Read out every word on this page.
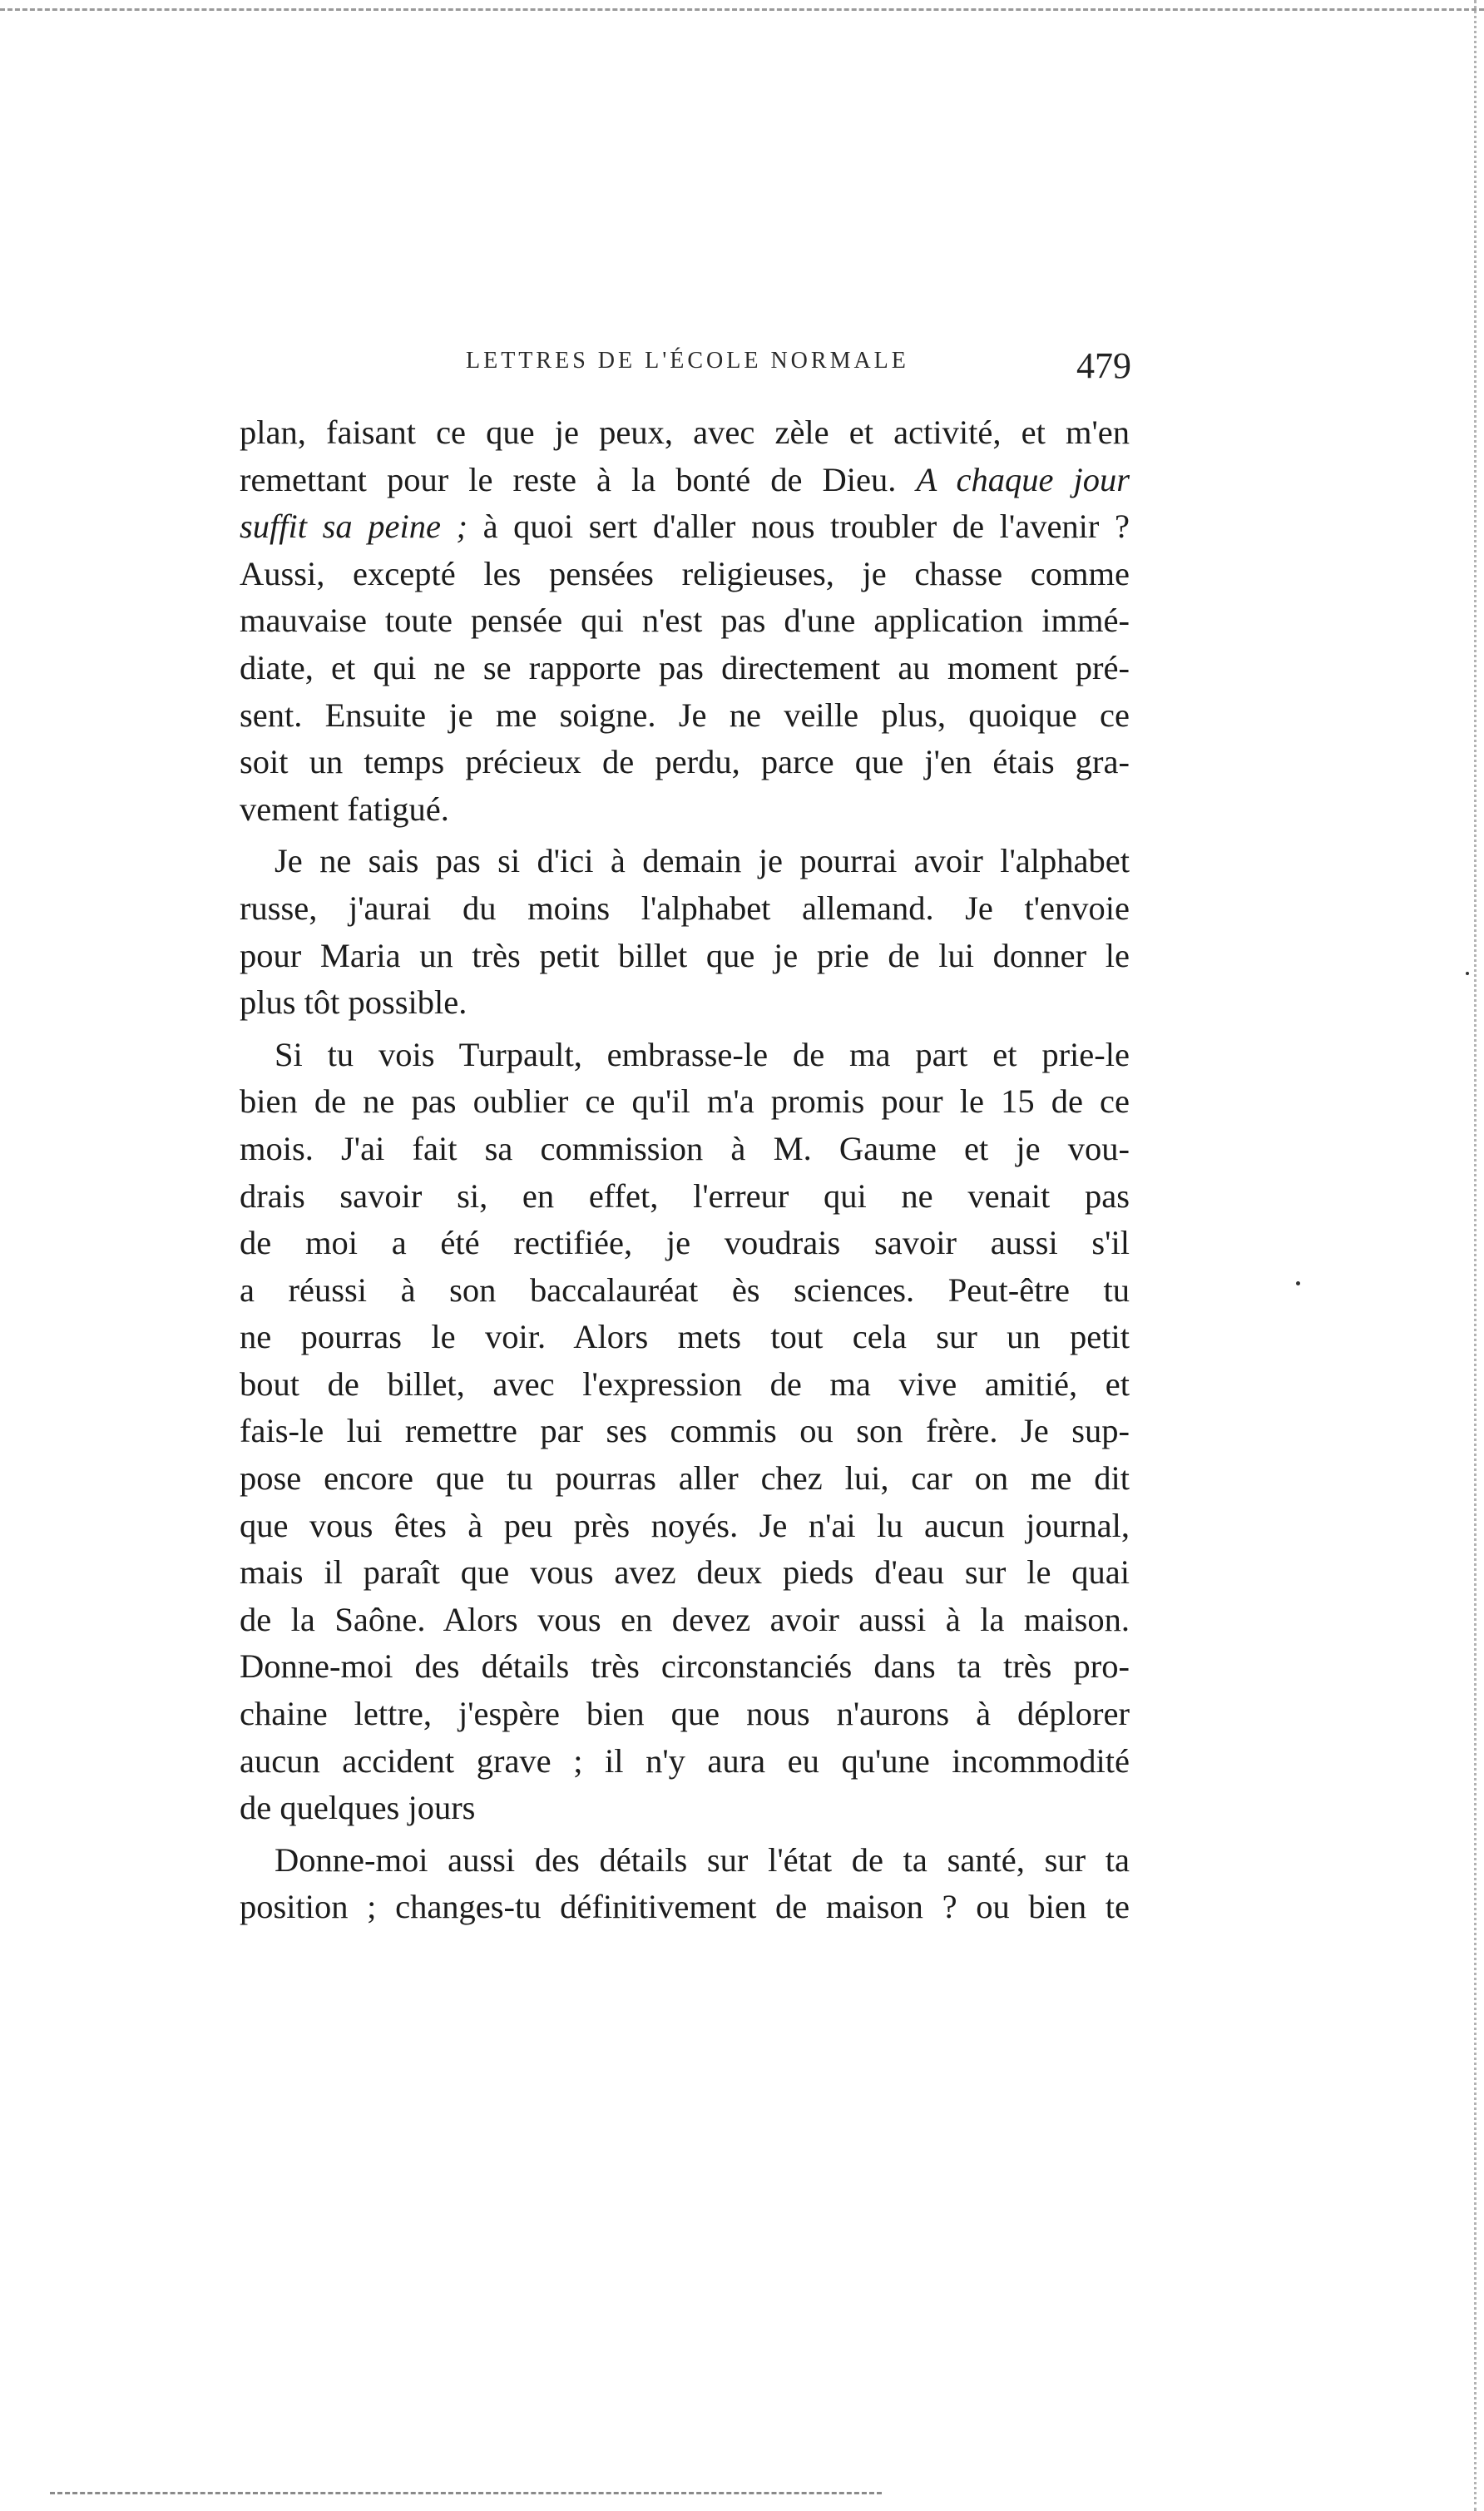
LETTRES DE L'ÉCOLE NORMALE	479
plan, faisant ce que je peux, avec zèle et activité, et m'en
remettant pour le reste à la bonté de Dieu. A chaque jour
suffit sa peine ; à quoi sert d'aller nous troubler de l'avenir ?
Aussi, excepté les pensées religieuses, je chasse comme
mauvaise toute pensée qui n'est pas d'une application immé-
diate, et qui ne se rapporte pas directement au moment pré-
sent. Ensuite je me soigne. Je ne veille plus, quoique ce
soit un temps précieux de perdu, parce que j'en étais gra-
vement fatigué.
Je ne sais pas si d'ici à demain je pourrai avoir l'alphabet
russe, j'aurai du moins l'alphabet allemand. Je t'envoie
pour Maria un très petit billet que je prie de lui donner le
plus tôt possible.
Si tu vois Turpault, embrasse-le de ma part et prie-le
bien de ne pas oublier ce qu'il m'a promis pour le 15 de ce
mois. J'ai fait sa commission à M. Gaume et je vou-
drais savoir si, en effet, l'erreur qui ne venait pas
de moi a été rectifiée, je voudrais savoir aussi s'il
a réussi à son baccalauréat ès sciences. Peut-être tu
ne pourras le voir. Alors mets tout cela sur un petit
bout de billet, avec l'expression de ma vive amitié, et
fais-le lui remettre par ses commis ou son frère. Je sup-
pose encore que tu pourras aller chez lui, car on me dit
que vous êtes à peu près noyés. Je n'ai lu aucun journal,
mais il paraît que vous avez deux pieds d'eau sur le quai
de la Saône. Alors vous en devez avoir aussi à la maison.
Donne-moi des détails très circonstanciés dans ta très pro-
chaine lettre, j'espère bien que nous n'aurons à déplorer
aucun accident grave ; il n'y aura eu qu'une incommodité
de quelques jours
Donne-moi aussi des détails sur l'état de ta santé, sur ta
position ; changes-tu définitivement de maison ? ou bien te
